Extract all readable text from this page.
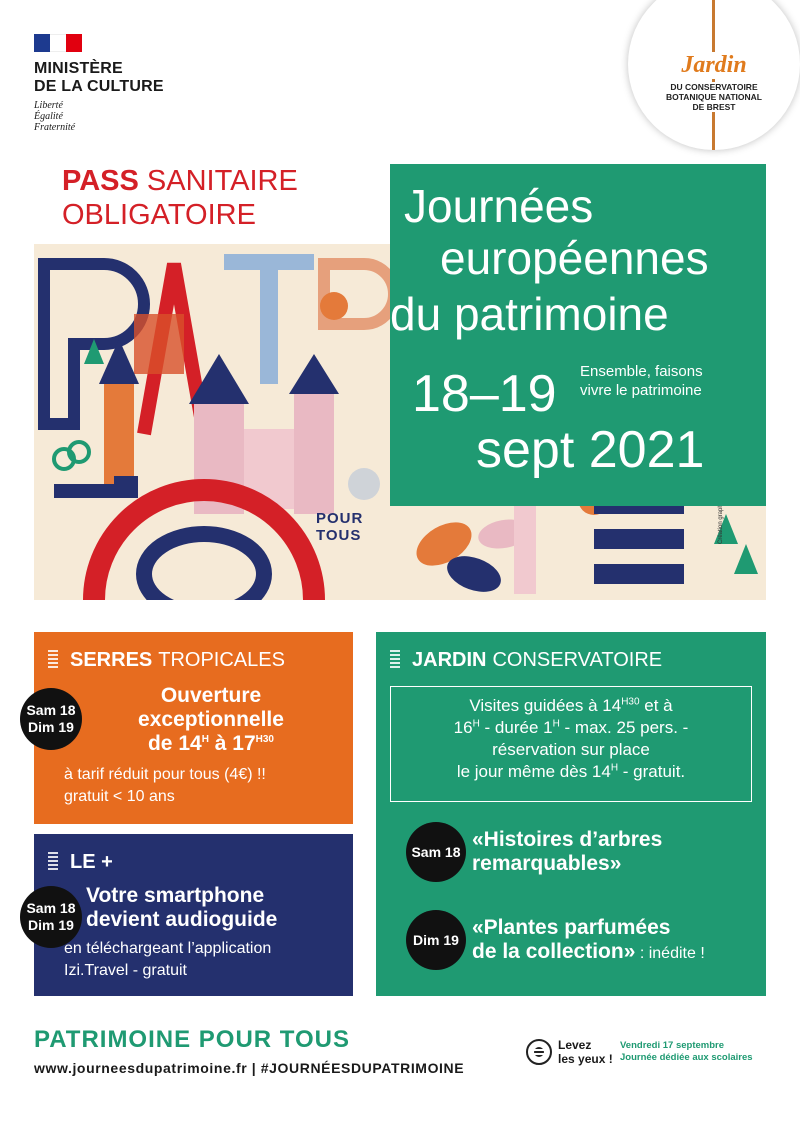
MINISTÈRE
DE LA CULTURE
Liberté
Égalité
Fraternité
Jardin
DU CONSERVATOIRE
BOTANIQUE NATIONAL
DE BREST
PASS SANITAIRE
OBLIGATOIRE
POUR TOUS
Journées
européennes
du patrimoine
Ensemble, faisons
vivre le patrimoine
18–19
sept 2021
SERRES TROPICALES
Sam 18
Dim 19
Ouverture
exceptionnelle
de $14^H$ à $17^{H30}$
à tarif réduit pour tous (4€) !!
gratuit < 10 ans
LE +
Sam 18
Dim 19
Votre smartphone
devient audioguide
en téléchargeant l’application
Izi.Travel - gratuit
JARDIN CONSERVATOIRE
Visites guidées à $14^{H30}$ et à
$16^H$ - durée $1^H$ - max. 25 pers. -
réservation sur place
le jour même dès $14^H$ - gratuit.
Sam 18
«Histoires d’arbres
remarquables»
Dim 19
«Plantes parfumées
de la collection» : inédite !
PATRIMOINE POUR TOUS
www.journeesdupatrimoine.fr | #JOURNÉESDUPATRIMOINE
Levez
les yeux !
Vendredi 17 septembre
Journée dédiée aux scolaires
